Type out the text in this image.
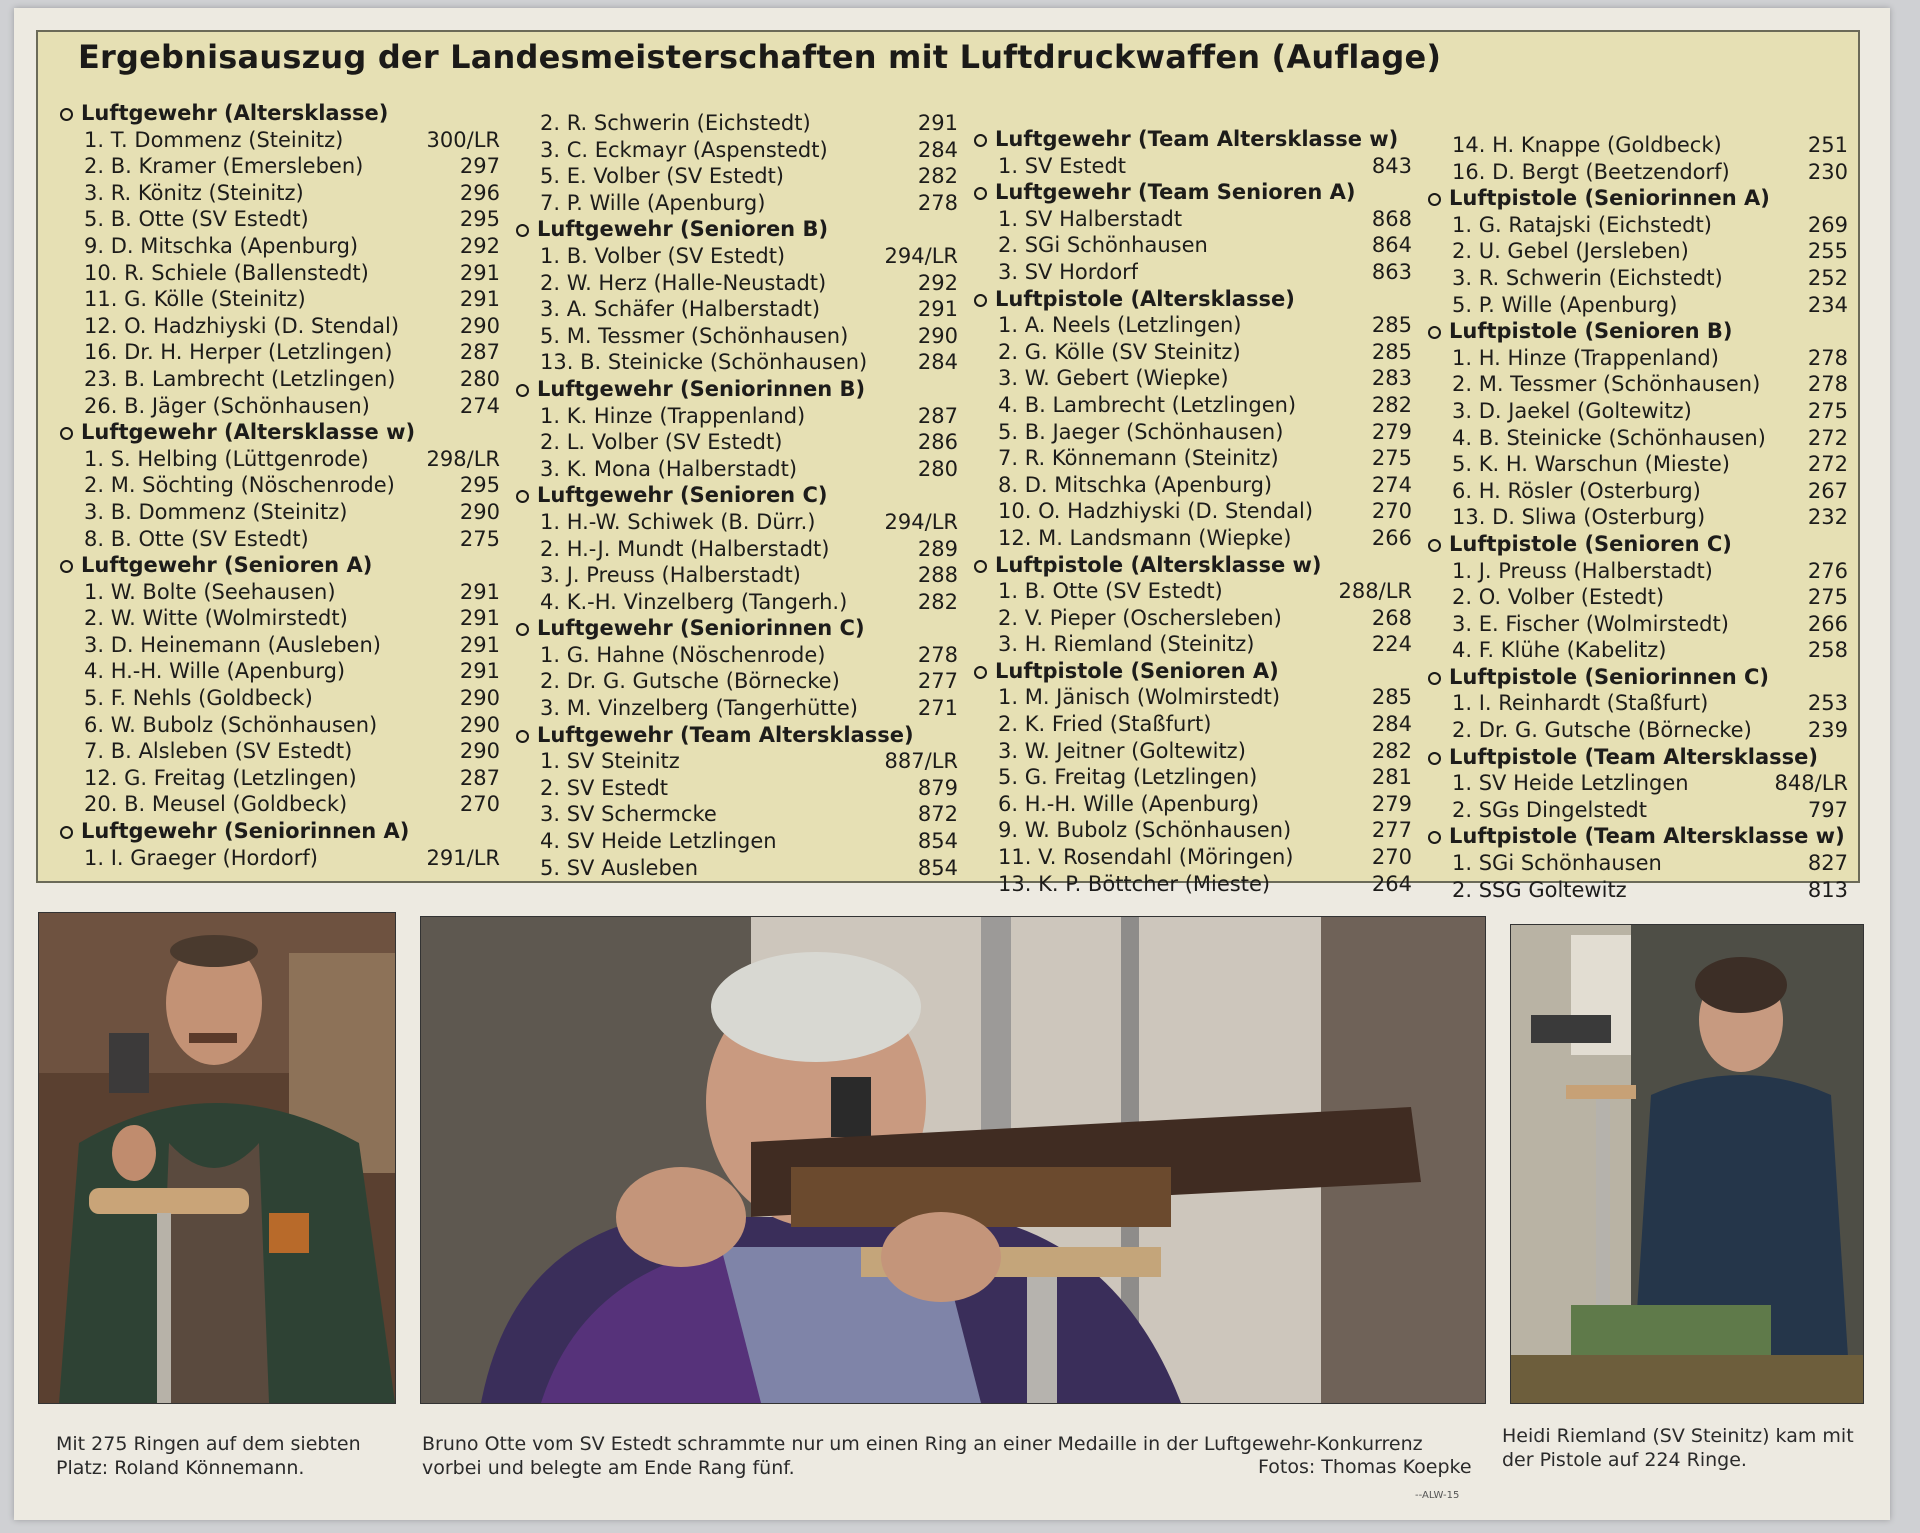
Ergebnisauszug der Landesmeisterschaften mit Luftdruckwaffen (Auflage)
Luftgewehr (Altersklasse)
1. T. Dommenz (Steinitz)	300/LR
2. B. Kramer (Emersleben)	297
3. R. Könitz (Steinitz)	296
5. B. Otte (SV Estedt)	295
9. D. Mitschka (Apenburg)	292
10. R. Schiele (Ballenstedt)	291
11. G. Kölle (Steinitz)	291
12. O. Hadzhiyski (D. Stendal)	290
16. Dr. H. Herper (Letzlingen)	287
23. B. Lambrecht (Letzlingen)	280
26. B. Jäger (Schönhausen)	274
Luftgewehr (Altersklasse w)
1. S. Helbing (Lüttgenrode)	298/LR
2. M. Söchting (Nöschenrode)	295
3. B. Dommenz (Steinitz)	290
8. B. Otte (SV Estedt)	275
Luftgewehr (Senioren A)
1. W. Bolte (Seehausen)	291
2. W. Witte (Wolmirstedt)	291
3. D. Heinemann (Ausleben)	291
4. H.-H. Wille (Apenburg)	291
5. F. Nehls (Goldbeck)	290
6. W. Bubolz (Schönhausen)	290
7. B. Alsleben (SV Estedt)	290
12. G. Freitag (Letzlingen)	287
20. B. Meusel (Goldbeck)	270
Luftgewehr (Seniorinnen A)
1. I. Graeger (Hordorf)	291/LR
2. R. Schwerin (Eichstedt)	291
3. C. Eckmayr (Aspenstedt)	284
5. E. Volber (SV Estedt)	282
7. P. Wille (Apenburg)	278
Luftgewehr (Senioren B)
1. B. Volber (SV Estedt)	294/LR
2. W. Herz (Halle-Neustadt)	292
3. A. Schäfer (Halberstadt)	291
5. M. Tessmer (Schönhausen)	290
13. B. Steinicke (Schönhausen)	284
Luftgewehr (Seniorinnen B)
1. K. Hinze (Trappenland)	287
2. L. Volber (SV Estedt)	286
3. K. Mona (Halberstadt)	280
Luftgewehr (Senioren C)
1. H.-W. Schiwek (B. Dürr.)	294/LR
2. H.-J. Mundt (Halberstadt)	289
3. J. Preuss (Halberstadt)	288
4. K.-H. Vinzelberg (Tangerh.)	282
Luftgewehr (Seniorinnen C)
1. G. Hahne (Nöschenrode)	278
2. Dr. G. Gutsche (Börnecke)	277
3. M. Vinzelberg (Tangerhütte)	271
Luftgewehr (Team Altersklasse)
1. SV Steinitz	887/LR
2. SV Estedt	879
3. SV Schermcke	872
4. SV Heide Letzlingen	854
5. SV Ausleben	854
Luftgewehr (Team Altersklasse w)
1. SV Estedt	843
Luftgewehr (Team Senioren A)
1. SV Halberstadt	868
2. SGi Schönhausen	864
3. SV Hordorf	863
Luftpistole (Altersklasse)
1. A. Neels (Letzlingen)	285
2. G. Kölle (SV Steinitz)	285
3. W. Gebert (Wiepke)	283
4. B. Lambrecht (Letzlingen)	282
5. B. Jaeger (Schönhausen)	279
7. R. Könnemann (Steinitz)	275
8. D. Mitschka (Apenburg)	274
10. O. Hadzhiyski (D. Stendal)	270
12. M. Landsmann (Wiepke)	266
Luftpistole (Altersklasse w)
1. B. Otte (SV Estedt)	288/LR
2. V. Pieper (Oschersleben)	268
3. H. Riemland (Steinitz)	224
Luftpistole (Senioren A)
1. M. Jänisch (Wolmirstedt)	285
2. K. Fried (Staßfurt)	284
3. W. Jeitner (Goltewitz)	282
5. G. Freitag (Letzlingen)	281
6. H.-H. Wille (Apenburg)	279
9. W. Bubolz (Schönhausen)	277
11. V. Rosendahl (Möringen)	270
13. K. P. Böttcher (Mieste)	264
14. H. Knappe (Goldbeck)	251
16. D. Bergt (Beetzendorf)	230
Luftpistole (Seniorinnen A)
1. G. Ratajski (Eichstedt)	269
2. U. Gebel (Jersleben)	255
3. R. Schwerin (Eichstedt)	252
5. P. Wille (Apenburg)	234
Luftpistole (Senioren B)
1. H. Hinze (Trappenland)	278
2. M. Tessmer (Schönhausen)	278
3. D. Jaekel (Goltewitz)	275
4. B. Steinicke (Schönhausen)	272
5. K. H. Warschun (Mieste)	272
6. H. Rösler (Osterburg)	267
13. D. Sliwa (Osterburg)	232
Luftpistole (Senioren C)
1. J. Preuss (Halberstadt)	276
2. O. Volber (Estedt)	275
3. E. Fischer (Wolmirstedt)	266
4. F. Klühe (Kabelitz)	258
Luftpistole (Seniorinnen C)
1. I. Reinhardt (Staßfurt)	253
2. Dr. G. Gutsche (Börnecke)	239
Luftpistole (Team Altersklasse)
1. SV Heide Letzlingen	848/LR
2. SGs Dingelstedt	797
Luftpistole (Team Altersklasse w)
1. SGi Schönhausen	827
2. SSG Goltewitz	813
Mit 275 Ringen auf dem siebten Platz: Roland Könnemann.
Bruno Otte vom SV Estedt schrammte nur um einen Ring an einer Medaille in der Luftgewehr-Konkurrenz vorbei und belegte am Ende Rang fünf.	Fotos: Thomas Koepke
Heidi Riemland (SV Steinitz) kam mit der Pistole auf 224 Ringe.
--ALW-15
